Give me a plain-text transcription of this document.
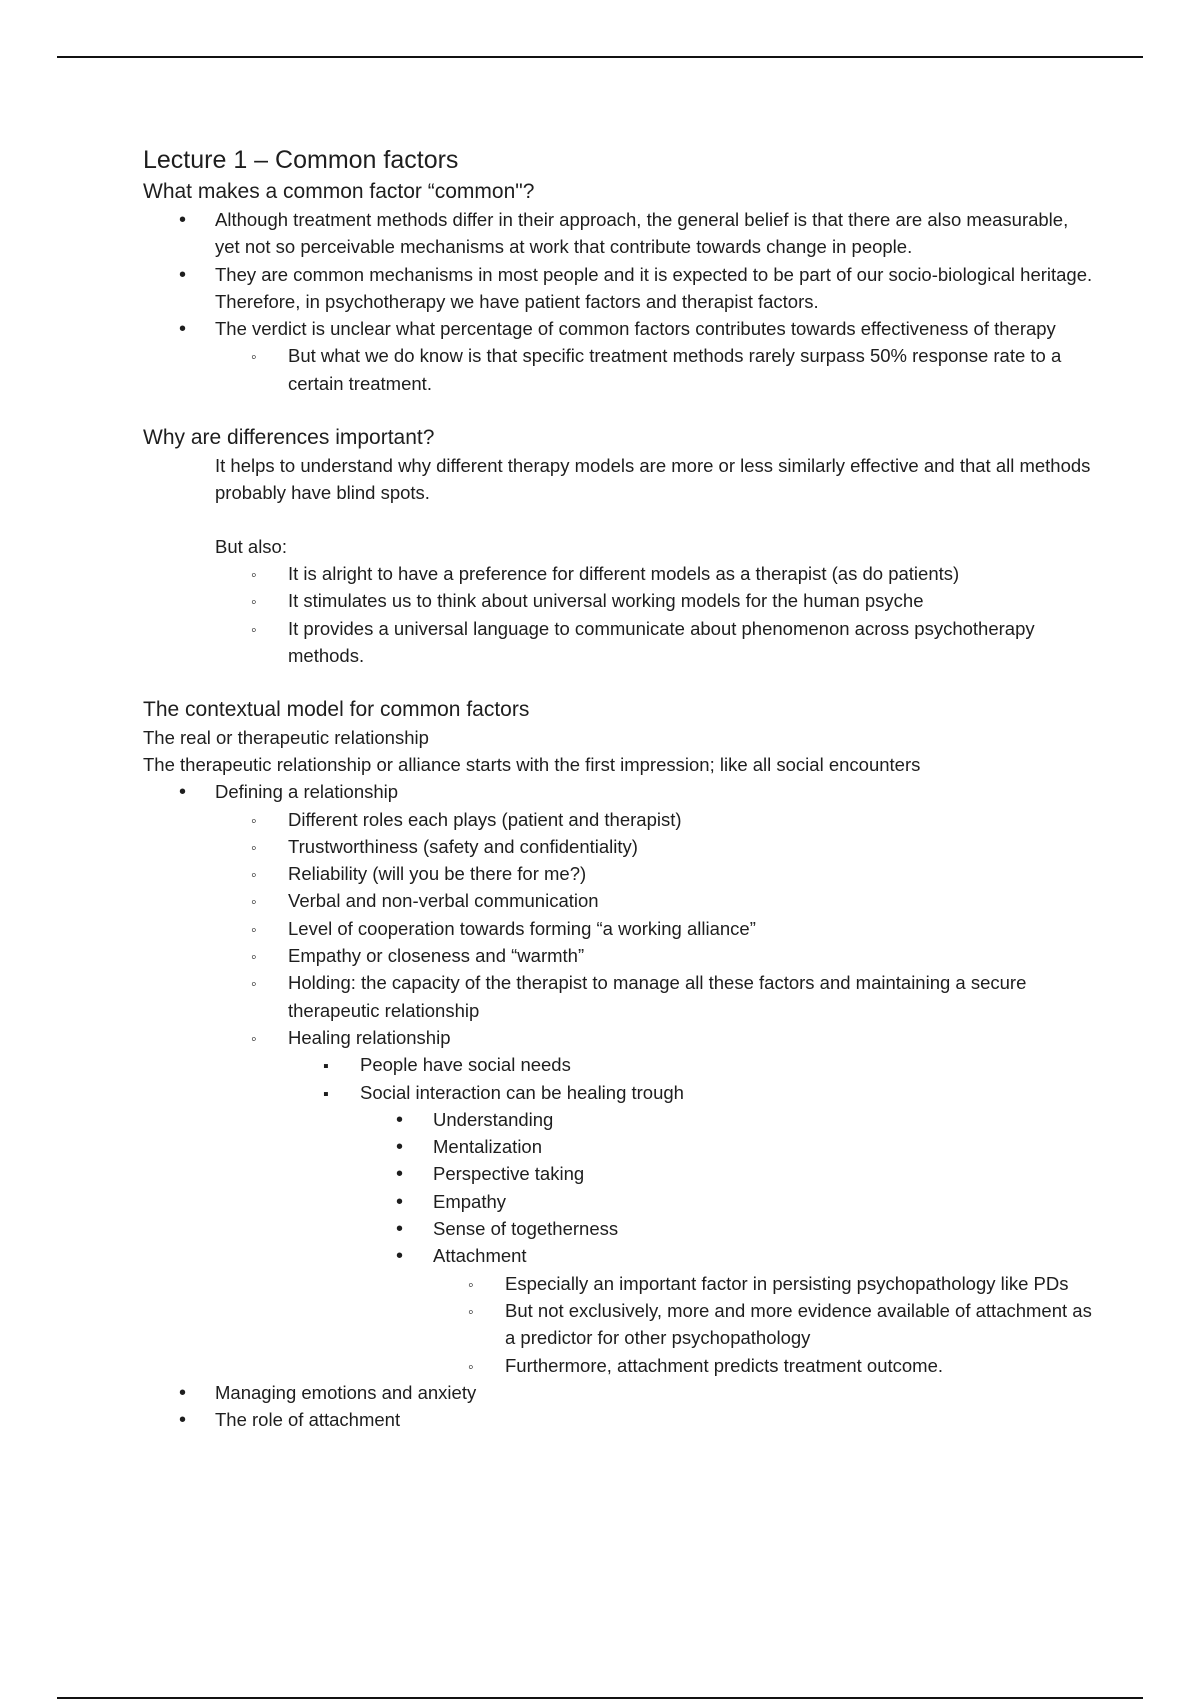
Lecture 1 – Common factors
What makes a common factor “common"?
•
Although treatment methods differ in their approach, the general belief is that there are also measurable, yet not so perceivable mechanisms at work that contribute towards change in people.
•
They are common mechanisms in most people and it is expected to be part of our socio-biological heritage. Therefore, in psychotherapy we have patient factors and therapist factors.
•
The verdict is unclear what percentage of common factors contributes towards effectiveness of therapy
◦
But what we do know is that specific treatment methods rarely surpass 50% response rate to a certain treatment.
Why are differences important?

It helps to understand why different therapy models are more or less similarly effective and that all methods probably have blind spots.

But also:

◦
It is alright to have a preference for different models as a therapist (as do patients)
◦
It stimulates us to think about universal working models for the human psyche
◦
It provides a universal language to communicate about phenomenon across psychotherapy methods.
The contextual model for common factors

The real or therapeutic relationship

The therapeutic relationship or alliance starts with the first impression; like all social encounters

•
Defining a relationship
◦
Different roles each plays (patient and therapist)
◦
Trustworthiness (safety and confidentiality)
◦
Reliability (will you be there for me?)
◦
Verbal and non-verbal communication
◦
Level of cooperation towards forming “a working alliance”
◦
Empathy or closeness and “warmth”
◦
Holding: the capacity of the therapist to manage all these factors and maintaining a secure therapeutic relationship
◦
Healing relationship
▪
People have social needs
▪
Social interaction can be healing trough
•
Understanding
•
Mentalization
•
Perspective taking
•
Empathy
•
Sense of togetherness
•
Attachment
◦
Especially an important factor in persisting psychopathology like PDs
◦
But not exclusively, more and more evidence available of attachment as a predictor for other psychopathology
◦
Furthermore, attachment predicts treatment outcome.
•
Managing emotions and anxiety
•
The role of attachment
